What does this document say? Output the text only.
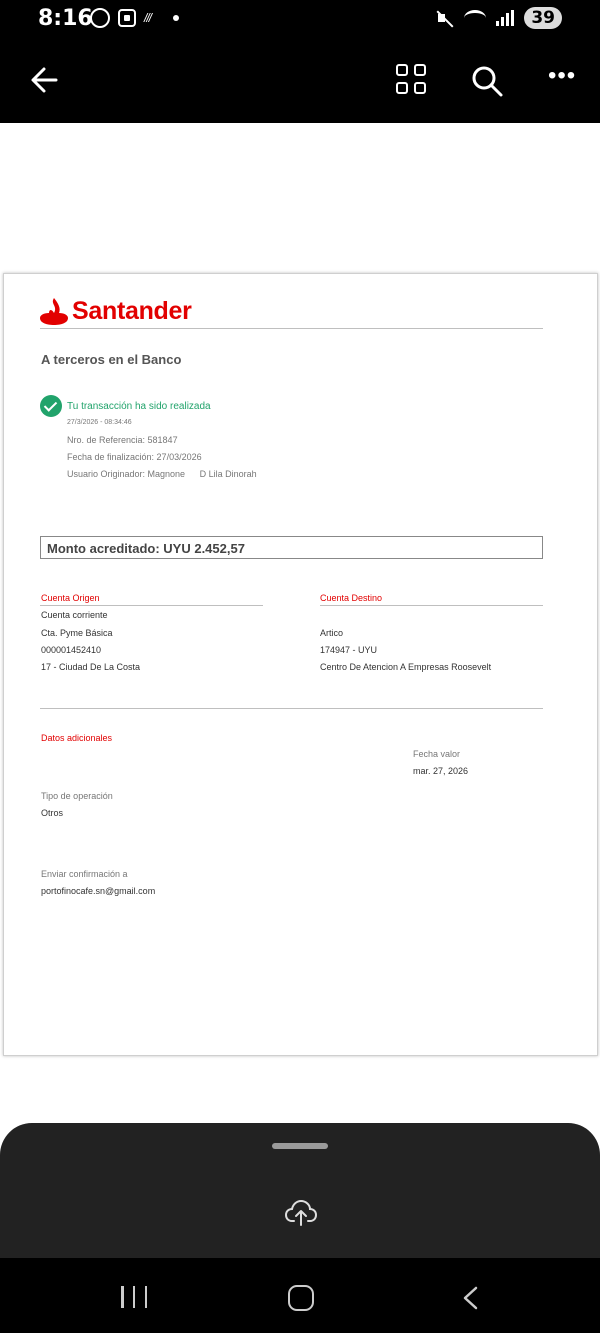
8:16	///	39
•••
Santander
A terceros en el Banco
Tu transacción ha sido realizada
27/3/2026 - 08:34:46
Nro. de Referencia: 581847
Fecha de finalización: 27/03/2026
Usuario Originador: Magnone D Lila Dinorah
Monto acreditado: UYU 2.452,57
Cuenta Origen
Cuenta corriente
Cta. Pyme Básica
000001452410
17 - Ciudad De La Costa
Cuenta Destino
Artico
174947 - UYU
Centro De Atencion A Empresas Roosevelt
Datos adicionales
Fecha valor
mar. 27, 2026
Tipo de operación
Otros
Enviar confirmación a
portofinocafe.sn@gmail.com
